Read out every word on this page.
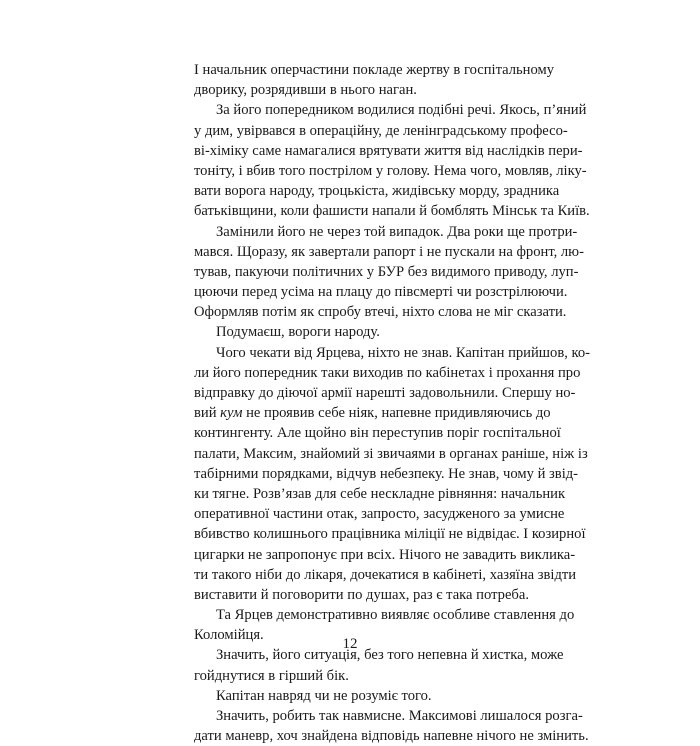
І начальник оперчастини покладе жертву в госпітальному
дворику, розрядивши в нього наган.

За його попередником водилися подібні речі. Якось, п’яний
у дим, увірвався в операційну, де ленінградському професо-
ві-хіміку саме намагалися врятувати життя від наслідків пери-
тоніту, і вбив того пострілом у голову. Нема чого, мовляв, ліку-
вати ворога народу, троцькіста, жидівську морду, зрадника
батьківщини, коли фашисти напали й бомблять Мінськ та Київ.

Замінили його не через той випадок. Два роки ще протри-
мався. Щоразу, як завертали рапорт і не пускали на фронт, лю-
тував, пакуючи політичних у БУР без видимого приводу, луп-
цюючи перед усіма на плацу до півсмерті чи розстрілюючи.
Оформляв потім як спробу втечі, ніхто слова не міг сказати.

Подумаєш, вороги народу.

Чого чекати від Ярцева, ніхто не знав. Капітан прийшов, ко-
ли його попередник таки виходив по кабінетах і прохання про
відправку до діючої армії нарешті задовольнили. Спершу но-
вий кум не проявив себе ніяк, напевне придивляючись до
контингенту. Але щойно він переступив поріг госпітальної
палати, Максим, знайомий зі звичаями в органах раніше, ніж із
табірними порядками, відчув небезпеку. Не знав, чому й звід-
ки тягне. Розв’язав для себе нескладне рівняння: начальник
оперативної частини отак, запросто, засудженого за умисне
вбивство колишнього працівника міліції не відвідає. І козирної
цигарки не запропонує при всіх. Нічого не завадить виклика-
ти такого ніби до лікаря, дочекатися в кабінеті, хазяїна звідти
виставити й поговорити по душах, раз є така потреба.

Та Ярцев демонстративно виявляє особливе ставлення до
Коломійця.

Значить, його ситуація, без того непевна й хистка, може
гойднутися в гірший бік.

Капітан навряд чи не розуміє того.

Значить, робить так навмисне. Максимові лишалося розга-
дати маневр, хоч знайдена відповідь напевне нічого не змінить.

12
